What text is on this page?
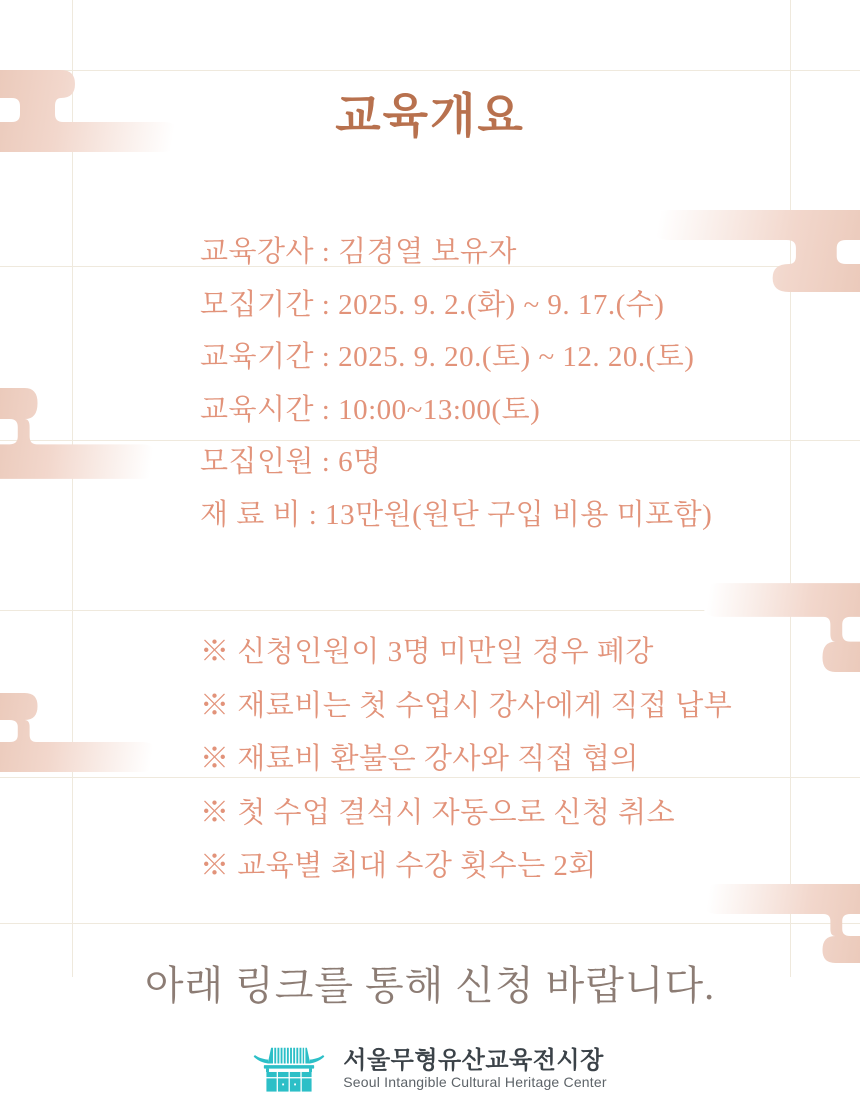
교육개요
교육강사 : 김경열 보유자
모집기간 : 2025. 9. 2.(화) ~ 9. 17.(수)
교육기간 : 2025. 9. 20.(토) ~ 12. 20.(토)
교육시간 : 10:00~13:00(토)
모집인원 : 6명
재 료 비 : 13만원(원단 구입 비용 미포함)
※ 신청인원이 3명 미만일 경우 폐강
※ 재료비는 첫 수업시 강사에게 직접 납부
※ 재료비 환불은 강사와 직접 협의
※ 첫 수업 결석시 자동으로 신청 취소
※ 교육별 최대 수강 횟수는 2회
아래 링크를 통해 신청 바랍니다.
서울무형유산교육전시장
Seoul Intangible Cultural Heritage Center
